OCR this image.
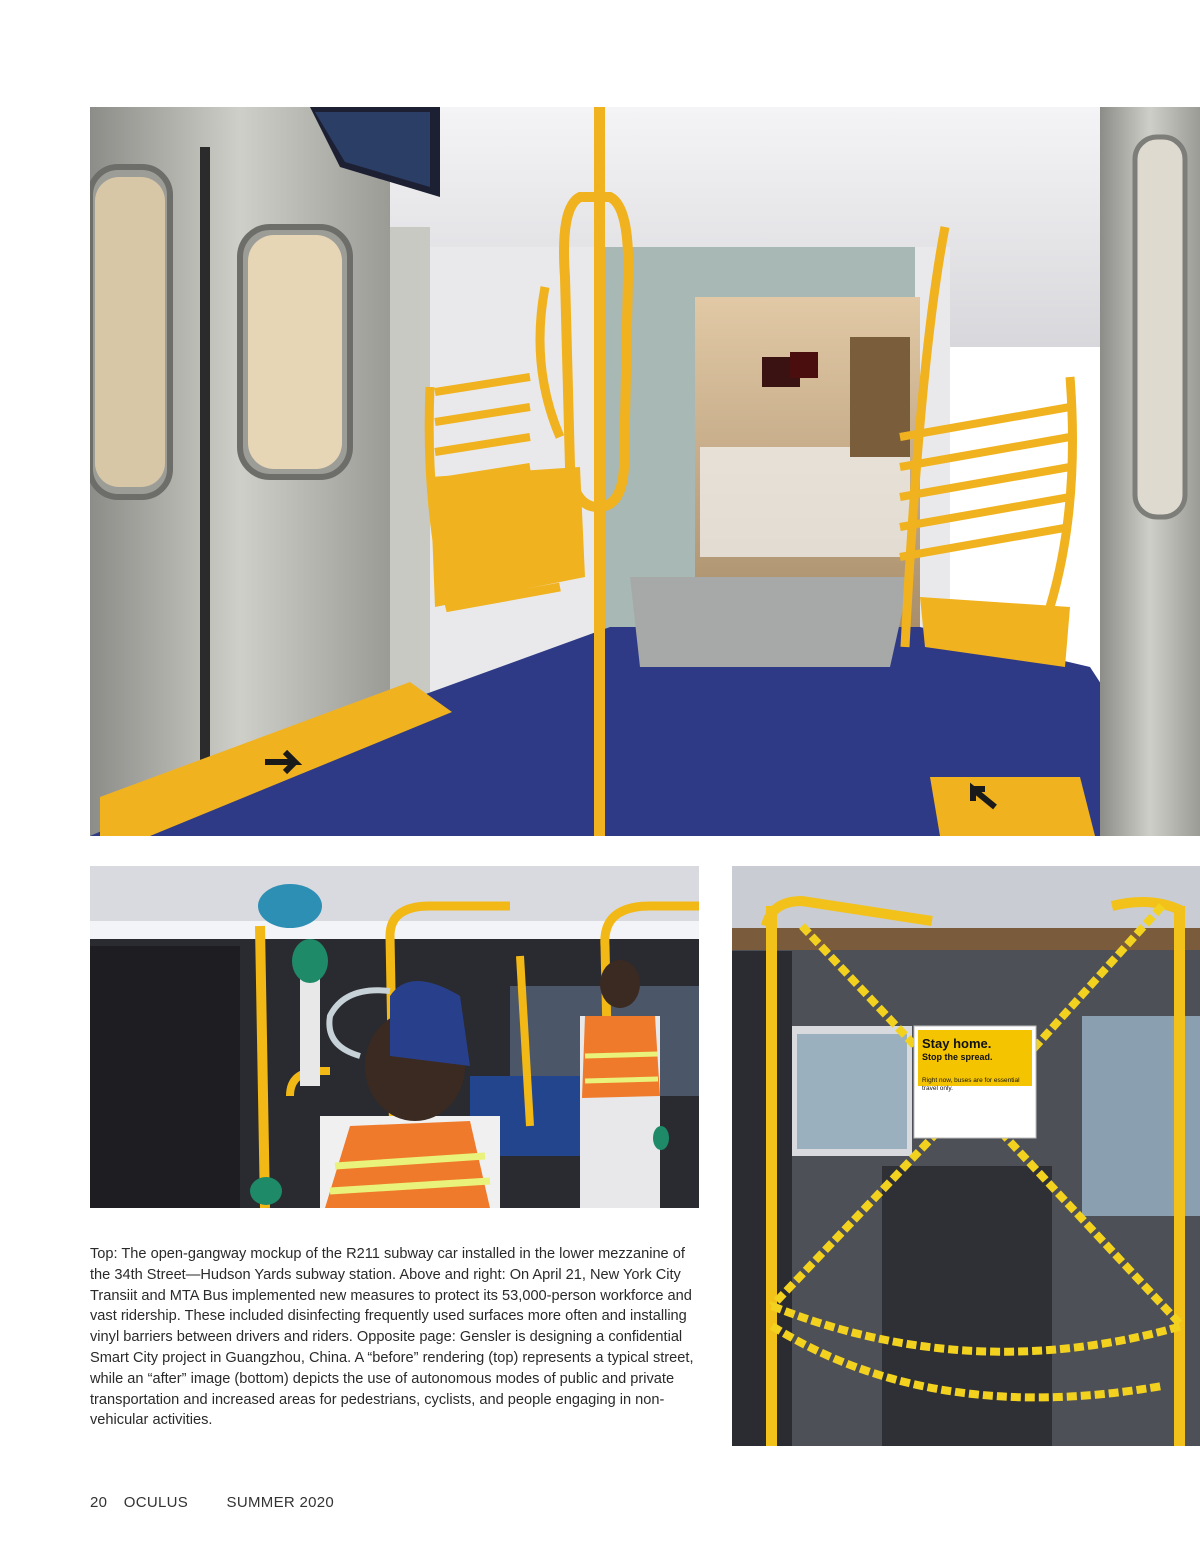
Stay home.
Stop the spread.
Right now, buses are for essential travel only.

Top: The open-gangway mockup of the R211 subway car installed in the lower mezzanine of the 34th Street—Hudson Yards subway station. Above and right: On April 21, New York City Transiit and MTA Bus implemented new measures to protect its 53,000-person workforce and vast ridership. These included disinfecting frequently used surfaces more often and installing vinyl barriers between drivers and riders. Opposite page: Gensler is designing a confidential Smart City project in Guangzhou, China. A “before” rendering (top) represents a typical street, while an “after” image (bottom) depicts the use of autonomous modes of public and private transportation and increased areas for pedestrians, cyclists, and people engaging in non-vehicular activities.

20 OCULUS	SUMMER 2020
